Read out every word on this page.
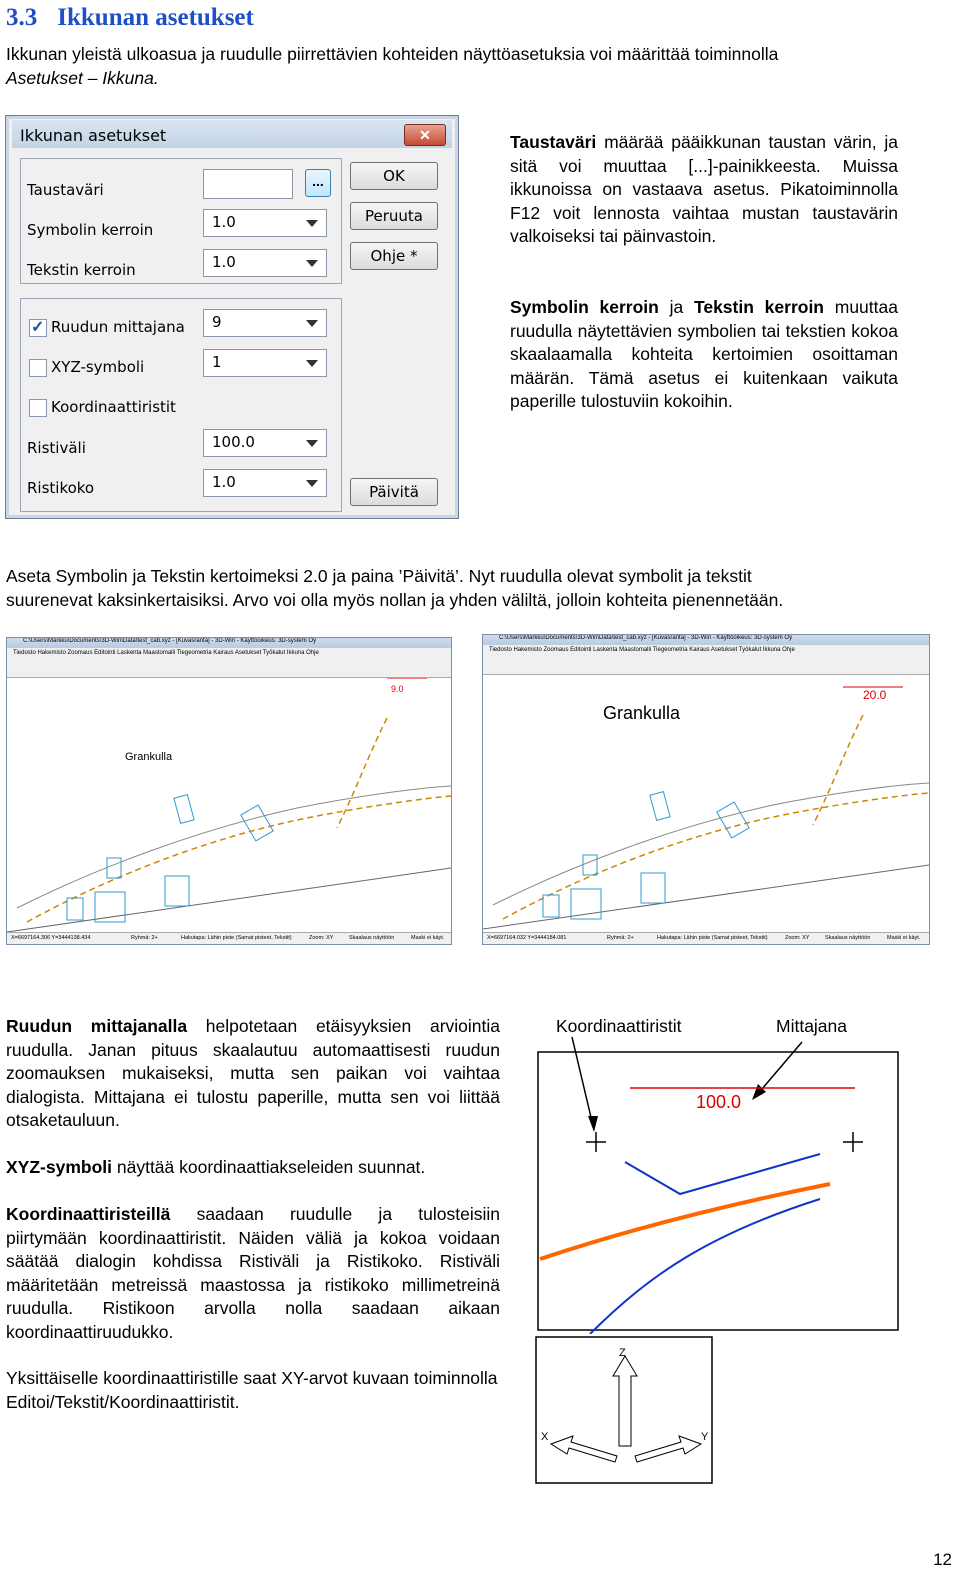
3.3 Ikkunan asetukset
Ikkunan yleistä ulkoasua ja ruudulle piirrettävien kohteiden näyttöasetuksia voi määrittää toiminnolla
Asetukset – Ikkuna.
Ikkunan asetukset	✕
Taustaväri	...
Symbolin kerroin	1.0
Tekstin kerroin	1.0
OK
Peruuta
Ohje *
✓ Ruudun mittajana 9
XYZ-symboli	1
Koordinaattiristit
Ristiväli	100.0
Ristikoko	1.0
Päivitä
Taustaväri määrää pääikkunan taustan värin, ja sitä voi muuttaa [...]-painikkeesta. Muissa ikkunoissa on vastaava asetus. Pikatoiminnolla F12 voit lennosta vaihtaa mustan taustavärin valkoiseksi tai päinvastoin.
Symbolin kerroin ja Tekstin kerroin muuttaa ruudulla näytettävien symbolien tai tekstien kokoa skaalaamalla kohteita kertoimien osoittaman määrän. Tämä asetus ei kuitenkaan vaikuta paperille tulostuviin kokoihin.
Aseta Symbolin ja Tekstin kertoimeksi 2.0 ja paina ’Päivitä’. Nyt ruudulla olevat symbolit ja tekstit
suurenevat kaksinkertaisiksi. Arvo voi olla myös nollan ja yhden väliltä, jolloin kohteita pienennetään.
C:\Users\Markku\Documents\3D-Win\Data\test_cab.xyz - [Kuvasranta] - 3D-Win - Käyttöoikeus: 3D-system Oy
Tiedosto Hakemisto Zoomaus Editointi Laskenta Maastomalli Tiegeometria Kairaus Asetukset Työkalut Ikkuna Ohje
9.0
Grankulla
X=6697164.306 Y=3444138.434	Ryhmä: 2+	Hakutapa: Lähin piste (Samat pisteet, Tekstit)	Zoom: XY	Skaalaus näyttöön	Maski ei käyt.
C:\Users\Markku\Documents\3D-Win\Data\test_cab.xyz - [Kuvasranta] - 3D-Win - Käyttöoikeus: 3D-system Oy
Tiedosto Hakemisto Zoomaus Editointi Laskenta Maastomalli Tiegeometria Kairaus Asetukset Työkalut Ikkuna Ohje
20.0
Grankulla
X=6697164.032 Y=3444184.081	Ryhmä: 2+	Hakutapa: Lähin piste (Samat pisteet, Tekstit)	Zoom: XY	Skaalaus näyttöön	Maski ei käyt.
Ruudun mittajanalla helpotetaan etäisyyksien arviointia ruudulla. Janan pituus skaalautuu automaattisesti ruudun zoomauksen mukaiseksi, mutta sen paikan voi vaihtaa dialogista. Mittajana ei tulostu paperille, mutta sen voi liittää otsaketauluun.
XYZ-symboli näyttää koordinaattiakseleiden suunnat.
Koordinaattiristeillä saadaan ruudulle ja tulosteisiin piirtymään koordinaattiristit. Näiden väliä ja kokoa voidaan säätää dialogin kohdissa Ristiväli ja Ristikoko. Ristiväli määritetään metreissä maastossa ja ristikoko millimetreinä ruudulla. Ristikoon arvolla nolla saadaan aikaan koordinaattiruudukko.
Yksittäiselle koordinaattiristille saat XY-arvot kuvaan toiminnolla Editoi/Tekstit/Koordinaattiristit.
Koordinaattiristit	Mittajana
100.0
Z
X	Y
12
